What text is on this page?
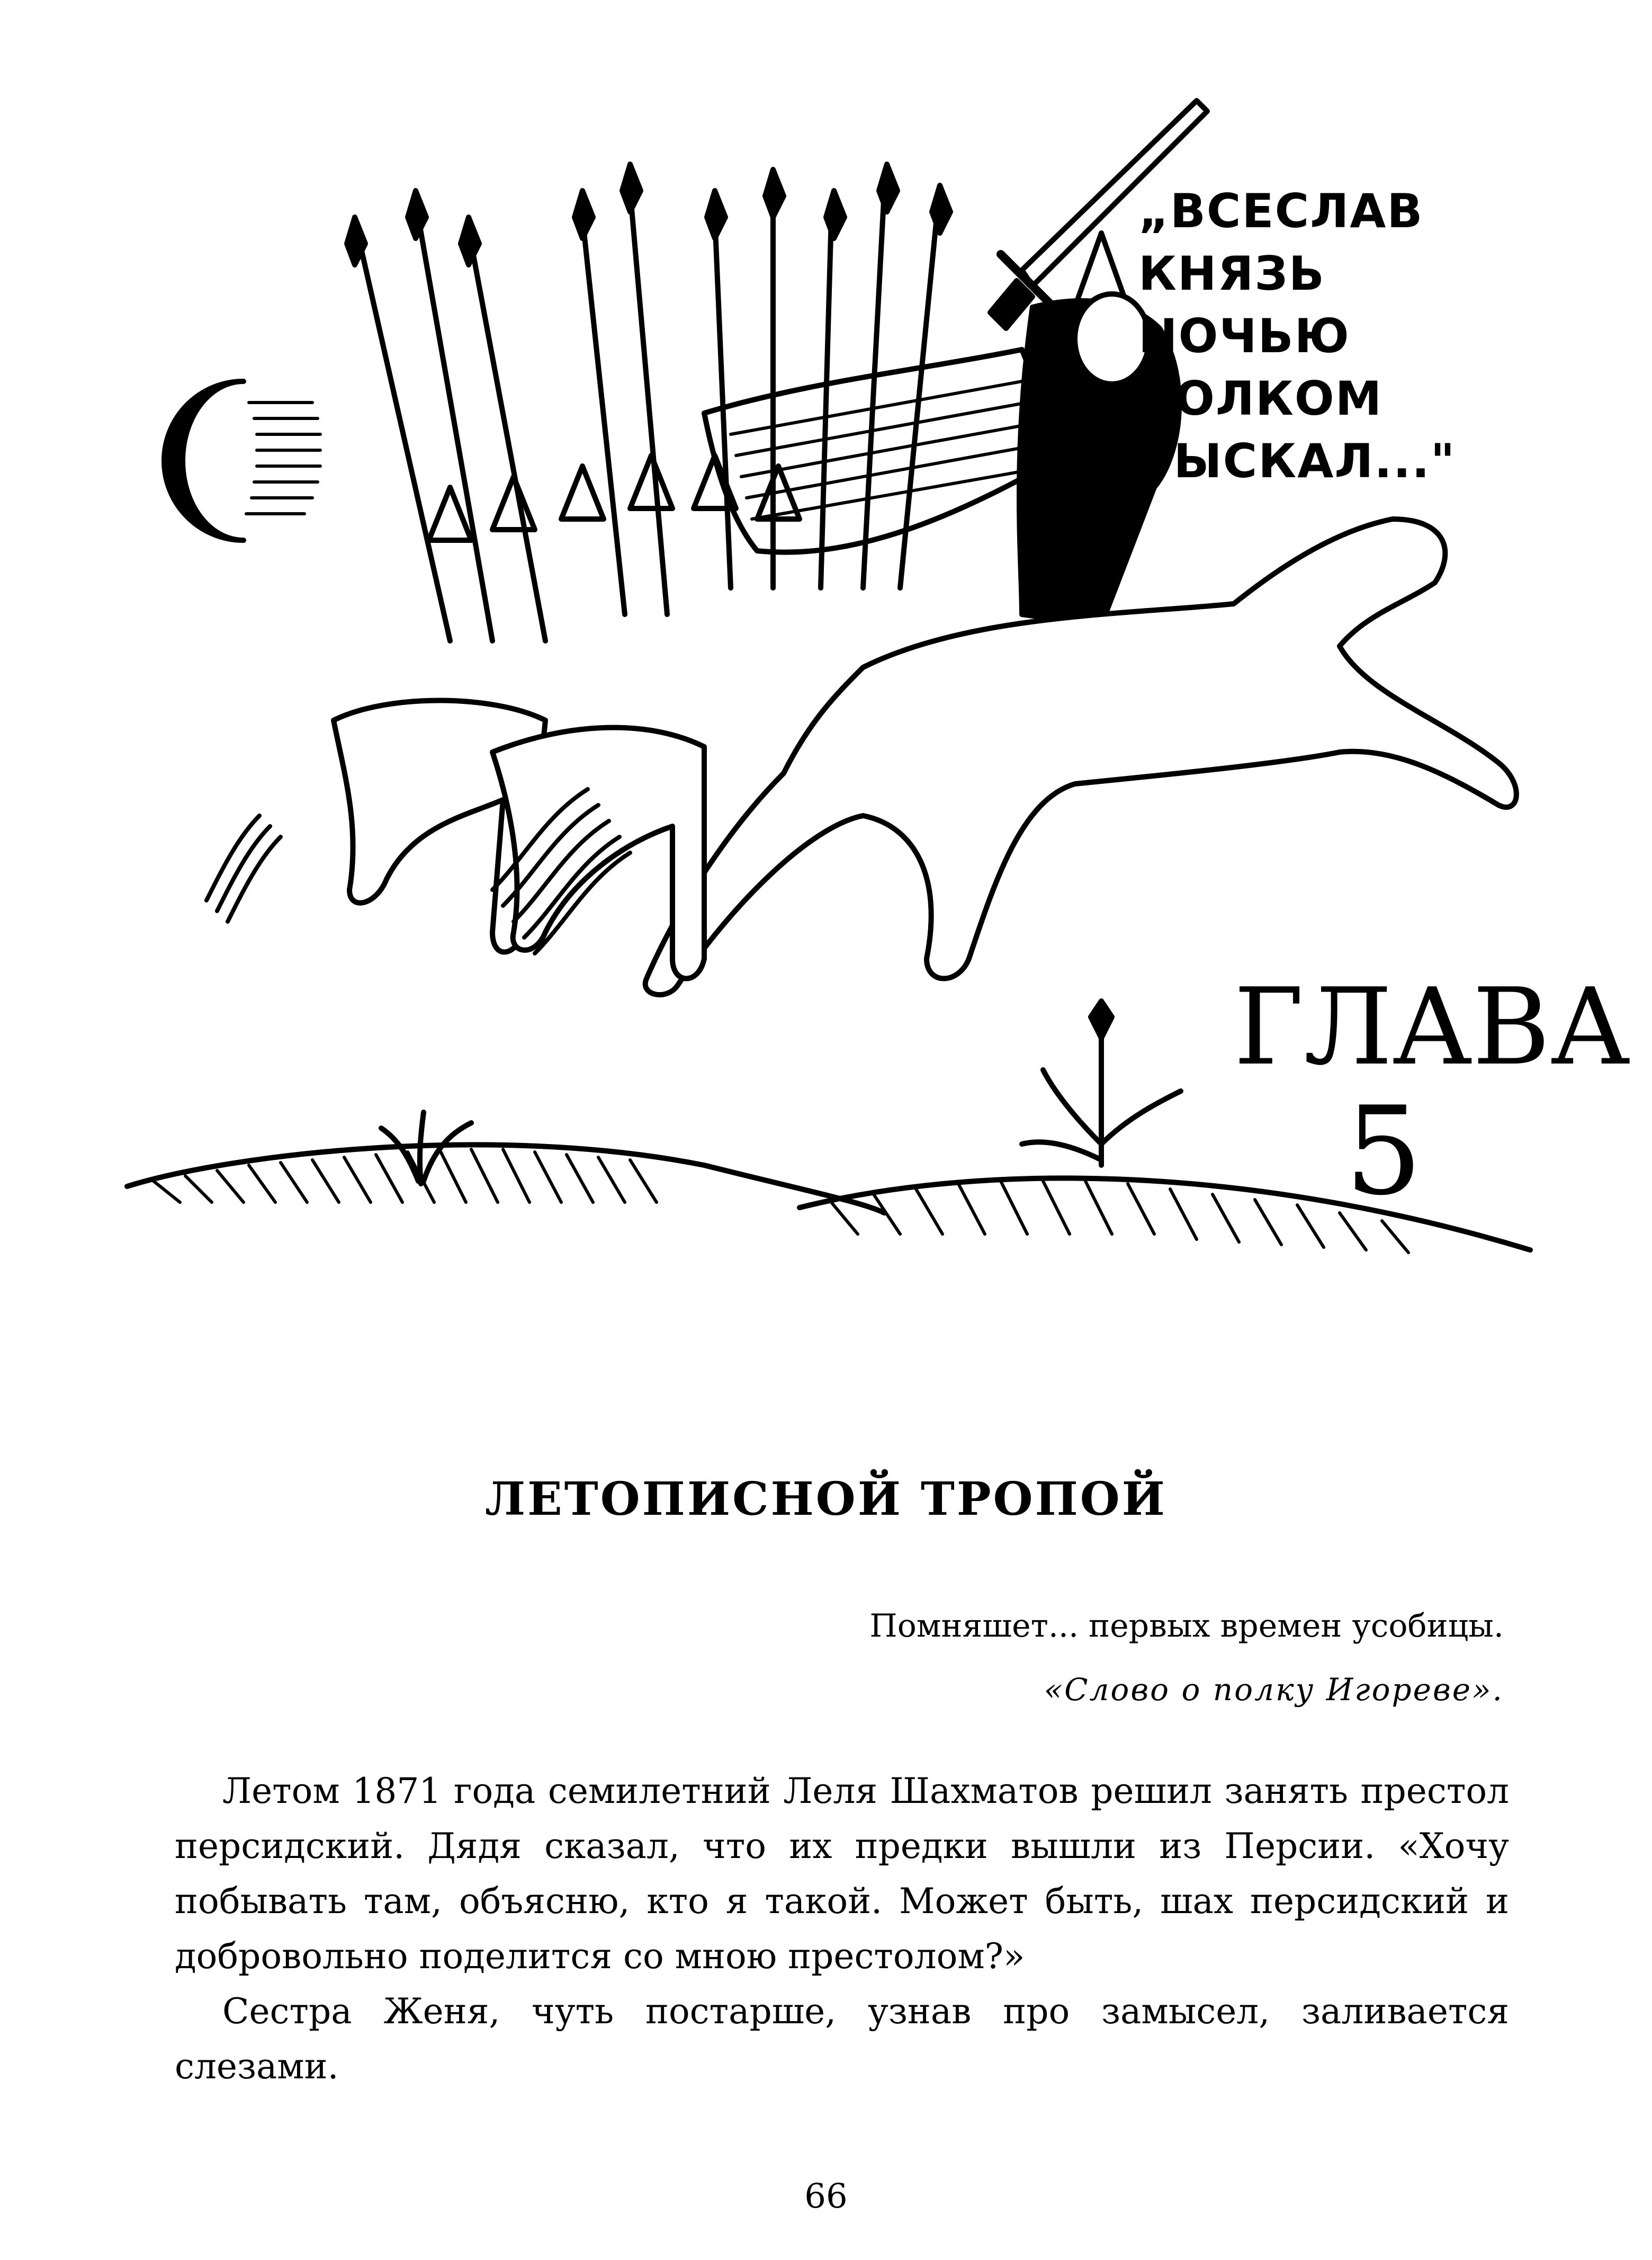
„ВСЕСЛАВ КНЯЗЬ
НОЧЬЮ ВОЛКОМ
РЫСКАЛ..."
ГЛАВА
5
ЛЕТОПИСНОЙ ТРОПОЙ
Помняшет... первых времен усобицы.
«Слово о полку Игореве».

Летом 1871 года семилетний Леля Шахматов решил занять престол персидский. Дядя сказал, что их предки вышли из Персии. «Хочу побывать там, объясню, кто я такой. Может быть, шах персидский и добровольно поделится со мною престолом?»

Сестра Женя, чуть постарше, узнав про замысел, заливается слезами.

66
